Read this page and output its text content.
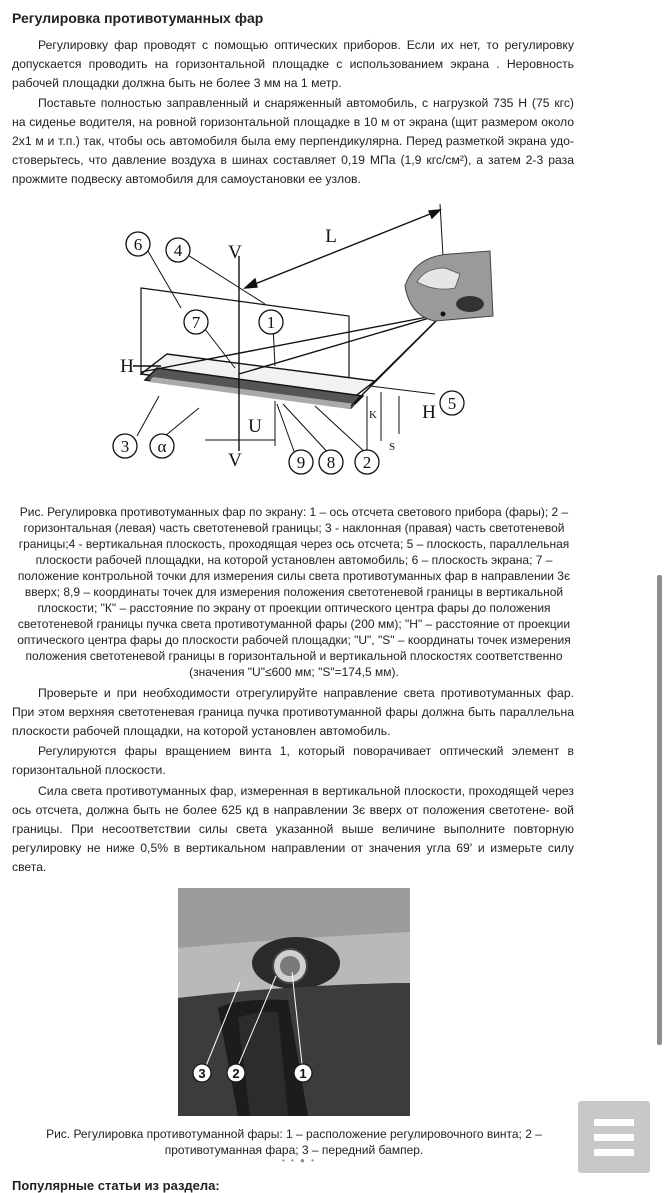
Регулировка противотуманных фар

Регулировку фар проводят с помощью оптических приборов. Если их нет, то регулировку допускается проводить на горизонтальной площадке с использованием экрана . Неровность рабочей площадки должна быть не более 3 мм на 1 метр.

Поставьте полностью заправленный и снаряженный автомобиль, с нагрузкой 735 Н (75 кгс) на сиденье водителя, на ровной горизонтальной площадке в 10 м от экрана (щит размером около 2х1 м и т.п.) так, чтобы ось автомобиля была ему перпендикулярна. Перед разметкой экрана удо- стоверьтесь, что давление воздуха в шинах составляет 0,19 МПа (1,9 кгс/см²), а затем 2-3 раза прожмите подвеску автомобиля для самоустановки ее узлов.

6 4
7	1
5
3 α
9 8 2
V
V
L
H
H
U
K
S

Рис. Регулировка противотуманных фар по экрану: 1 – ось отсчета светового прибора (фары); 2 – горизонтальная (левая) часть светотеневой границы; 3 - наклонная (правая) часть светотеневой границы;4 - вертикальная плоскость, проходящая через ось отсчета; 5 – плоскость, параллельная плоскости рабочей площадки, на которой установлен автомобиль; 6 – плоскость экрана; 7 – положение контрольной точки для измерения силы света противотуманных фар в направлении 3є вверх; 8,9 – координаты точек для измерения положения светотеневой границы в вертикальной плоскости; "К" – расстояние по экрану от проекции оптического центра фары до положения светотеневой границы пучка света противотуманной фары (200 мм); "Н" – расстояние от проекции оптического центра фары до плоскости рабочей площадки; "U", "S" – координаты точек измерения положения светотеневой границы в горизонтальной и вертикальной плоскостях соответственно (значения "U"≤600 мм; "S"=174,5 мм).

Проверьте и при необходимости отрегулируйте направление света противотуманных фар. При этом верхняя светотеневая граница пучка противотуманной фары должна быть параллельна плоскости рабочей площадки, на которой установлен автомобиль.

Регулируются фары вращением винта 1, который поворачивает оптический элемент в горизонтальной плоскости.

Сила света противотуманных фар, измеренная в вертикальной плоскости, проходящей через ось отсчета, должна быть не более 625 кд в направлении 3є вверх от положения светотене- вой границы. При несоответствии силы света указанной выше величине выполните повторную регулировку не ниже 0,5% в вертикальном направлении от значения угла 69' и измерьте силу света.

3 2	1

Рис. Регулировка противотуманной фары: 1 – расположение регулировочного винта; 2 – противотуманная фара; 3 – передний бампер.

• • ● •
Популярные статьи из раздела:
